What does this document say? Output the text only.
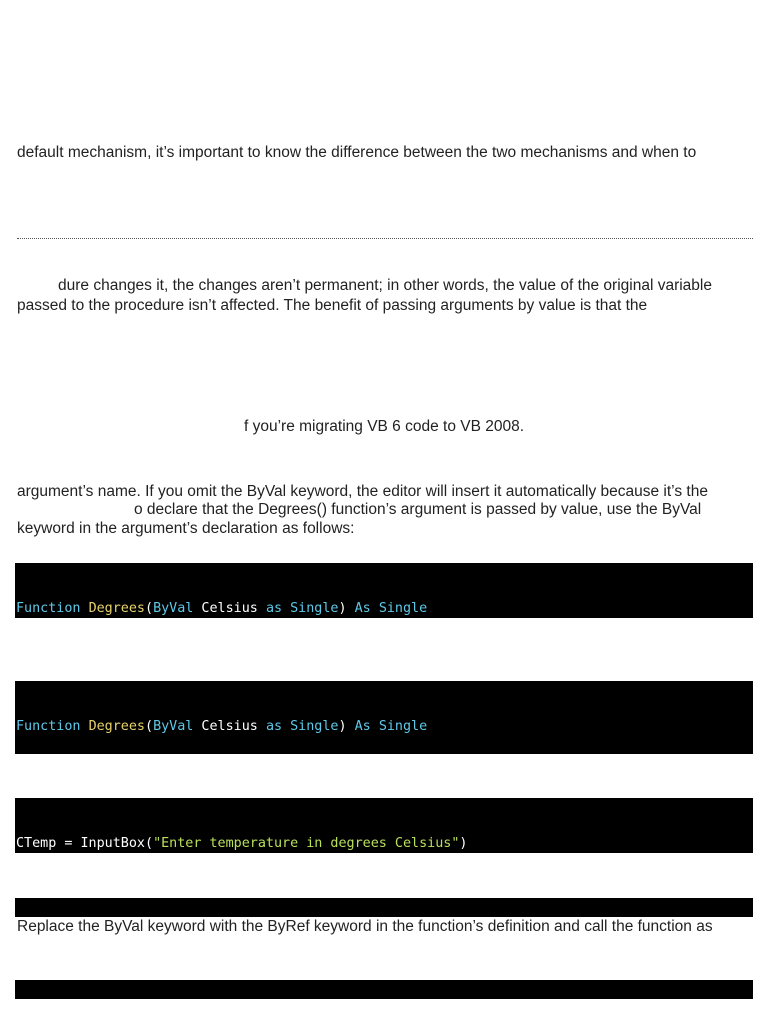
default mechanism, it’s important to know the difference between the two mechanisms and when to
dure changes it, the changes aren’t permanent; in other words, the value of the original variable
passed to the procedure isn’t affected. The benefit of passing arguments by value is that the
f you’re migrating VB 6 code to VB 2008.
argument’s name. If you omit the ByVal keyword, the editor will insert it automatically because it’s the
o declare that the Degrees() function’s argument is passed by value, use the ByVal
keyword in the argument’s declaration as follows:

Function Degrees(ByVal Celsius as Single) As Single

Function Degrees(ByVal Celsius as Single) As Single

CTemp = InputBox("Enter temperature in degrees Celsius")

Replace the ByVal keyword with the ByRef keyword in the function’s definition and call the function as
